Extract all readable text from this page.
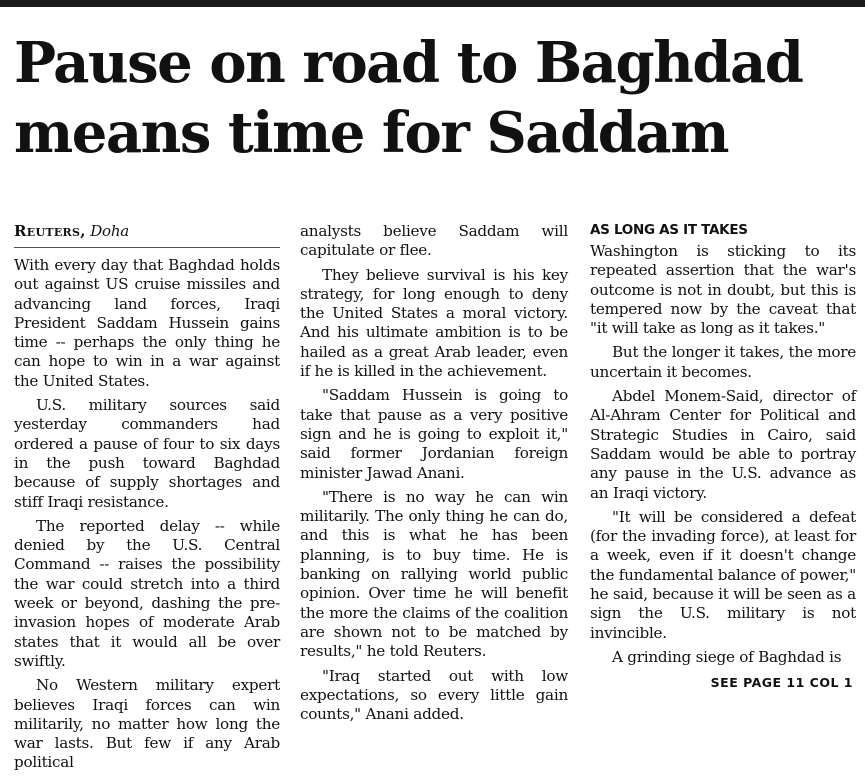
Pause on road to Baghdad
means time for Saddam
Reuters, Doha

With every day that Baghdad holds out against US cruise missiles and advancing land forces, Iraqi President Saddam Hussein gains time -- perhaps the only thing he can hope to win in a war against the United States.

U.S. military sources said yesterday commanders had ordered a pause of four to six days in the push toward Baghdad because of supply shortages and stiff Iraqi resistance.

The reported delay -- while denied by the U.S. Central Command -- raises the possibility the war could stretch into a third week or beyond, dashing the pre-invasion hopes of moderate Arab states that it would all be over swiftly.

No Western military expert believes Iraqi forces can win militarily, no matter how long the war lasts. But few if any Arab political

analysts believe Saddam will capitulate or flee.

They believe survival is his key strategy, for long enough to deny the United States a moral victory. And his ultimate ambition is to be hailed as a great Arab leader, even if he is killed in the achievement.

"Saddam Hussein is going to take that pause as a very positive sign and he is going to exploit it," said former Jordanian foreign minister Jawad Anani.

"There is no way he can win militarily. The only thing he can do, and this is what he has been planning, is to buy time. He is banking on rallying world public opinion. Over time he will benefit the more the claims of the coalition are shown not to be matched by results," he told Reuters.

"Iraq started out with low expectations, so every little gain counts," Anani added.

AS LONG AS IT TAKES

Washington is sticking to its repeated assertion that the war's outcome is not in doubt, but this is tempered now by the caveat that "it will take as long as it takes."

But the longer it takes, the more uncertain it becomes.

Abdel Monem-Said, director of Al-Ahram Center for Political and Strategic Studies in Cairo, said Saddam would be able to portray any pause in the U.S. advance as an Iraqi victory.

"It will be considered a defeat (for the invading force), at least for a week, even if it doesn't change the fundamental balance of power," he said, because it will be seen as a sign the U.S. military is not invincible.

A grinding siege of Baghdad is

SEE PAGE 11 COL 1
